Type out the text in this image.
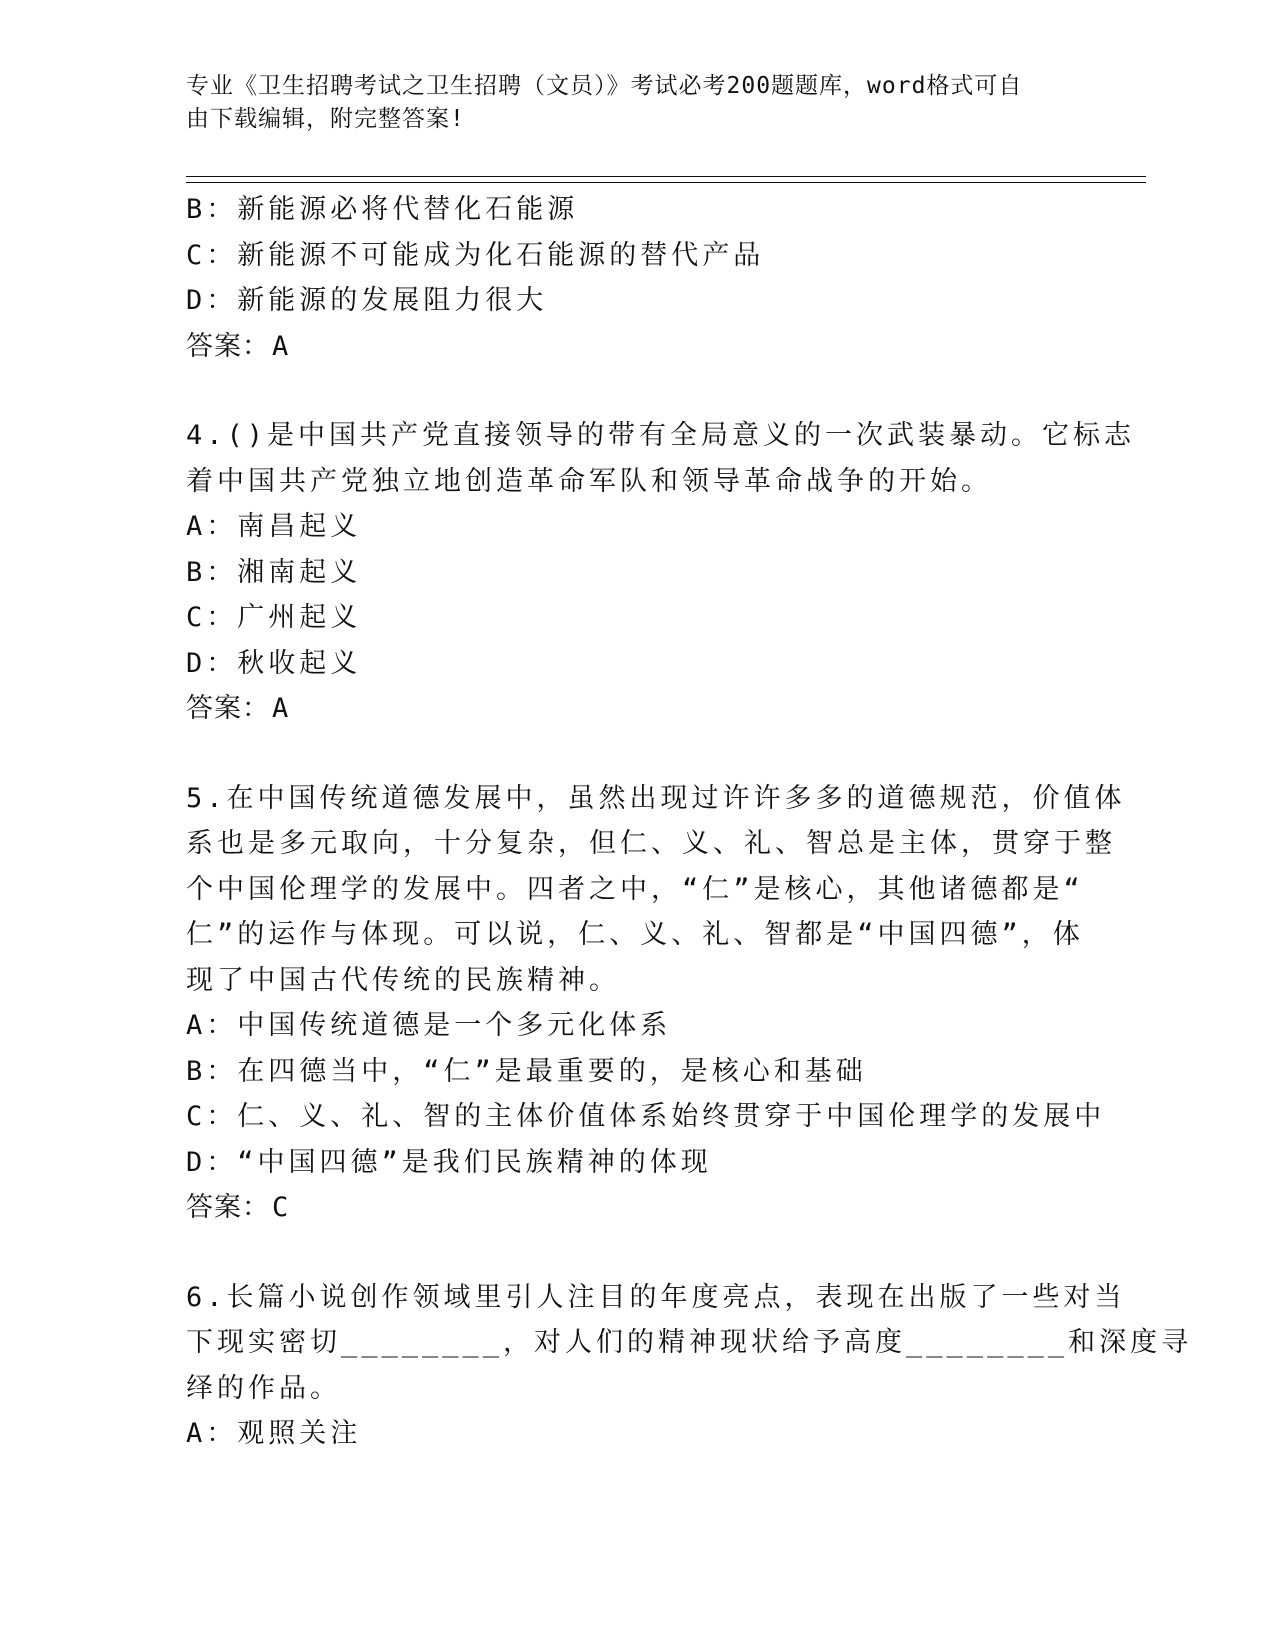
专业《卫生招聘考试之卫生招聘（文员）》考试必考200题题库，word格式可自
由下载编辑，附完整答案!
B：新能源必将代替化石能源
C：新能源不可能成为化石能源的替代产品
D：新能源的发展阻力很大
答案：A
4.()是中国共产党直接领导的带有全局意义的一次武装暴动。它标志
着中国共产党独立地创造革命军队和领导革命战争的开始。
A：南昌起义
B：湘南起义
C：广州起义
D：秋收起义
答案：A
5.在中国传统道德发展中，虽然出现过许许多多的道德规范，价值体
系也是多元取向，十分复杂，但仁、义、礼、智总是主体，贯穿于整
个中国伦理学的发展中。四者之中，“仁”是核心，其他诸德都是“
仁”的运作与体现。可以说，仁、义、礼、智都是“中国四德”，体
现了中国古代传统的民族精神。
A：中国传统道德是一个多元化体系
B：在四德当中，“仁”是最重要的，是核心和基础
C：仁、义、礼、智的主体价值体系始终贯穿于中国伦理学的发展中
D：“中国四德”是我们民族精神的体现
答案：C
6.长篇小说创作领域里引人注目的年度亮点，表现在出版了一些对当
下现实密切________，对人们的精神现状给予高度________和深度寻
绎的作品。
A：观照关注
